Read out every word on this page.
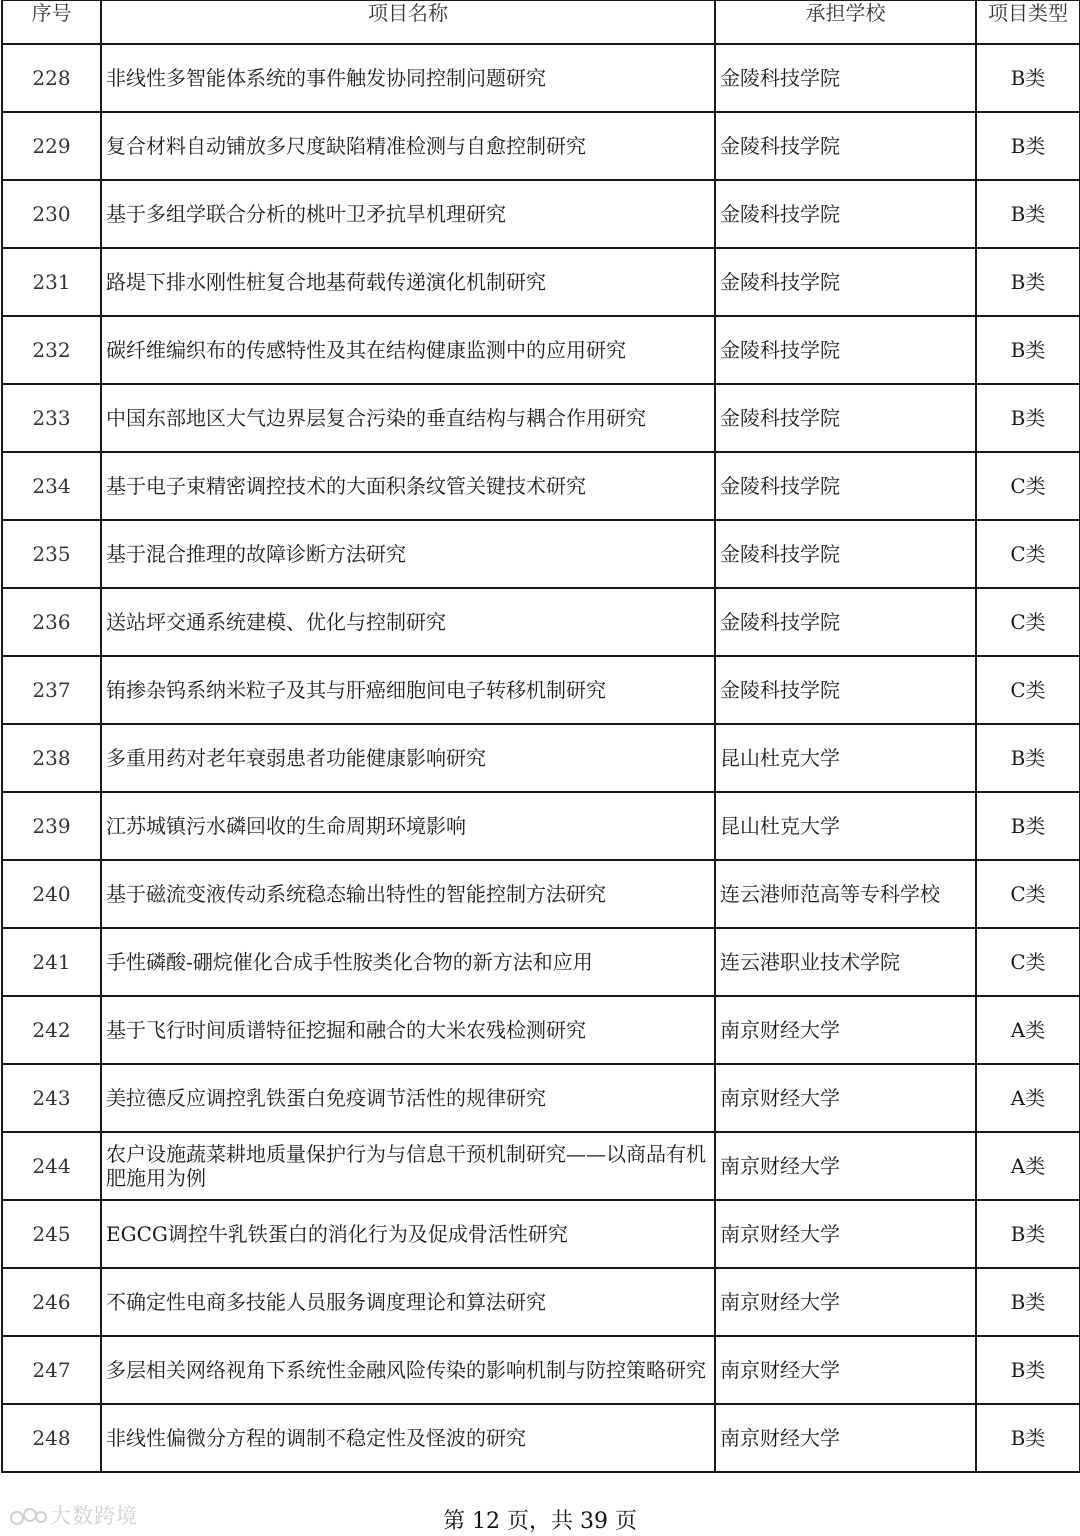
序号	项目名称	承担学校	项目类型
228	非线性多智能体系统的事件触发协同控制问题研究	金陵科技学院	B类
229	复合材料自动铺放多尺度缺陷精准检测与自愈控制研究	金陵科技学院	B类
230	基于多组学联合分析的桃叶卫矛抗旱机理研究	金陵科技学院	B类
231	路堤下排水刚性桩复合地基荷载传递演化机制研究	金陵科技学院	B类
232	碳纤维编织布的传感特性及其在结构健康监测中的应用研究	金陵科技学院	B类
233	中国东部地区大气边界层复合污染的垂直结构与耦合作用研究	金陵科技学院	B类
234	基于电子束精密调控技术的大面积条纹管关键技术研究	金陵科技学院	C类
235	基于混合推理的故障诊断方法研究	金陵科技学院	C类
236	送站坪交通系统建模、优化与控制研究	金陵科技学院	C类
237	铕掺杂钨系纳米粒子及其与肝癌细胞间电子转移机制研究	金陵科技学院	C类
238	多重用药对老年衰弱患者功能健康影响研究	昆山杜克大学	B类
239	江苏城镇污水磷回收的生命周期环境影响	昆山杜克大学	B类
240	基于磁流变液传动系统稳态输出特性的智能控制方法研究	连云港师范高等专科学校	C类
241	手性磷酸-硼烷催化合成手性胺类化合物的新方法和应用	连云港职业技术学院	C类
242	基于飞行时间质谱特征挖掘和融合的大米农残检测研究	南京财经大学	A类
243	美拉德反应调控乳铁蛋白免疫调节活性的规律研究	南京财经大学	A类
244	农户设施蔬菜耕地质量保护行为与信息干预机制研究——以商品有机肥施用为例	南京财经大学	A类
245	EGCG调控牛乳铁蛋白的消化行为及促成骨活性研究	南京财经大学	B类
246	不确定性电商多技能人员服务调度理论和算法研究	南京财经大学	B类
247	多层相关网络视角下系统性金融风险传染的影响机制与防控策略研究	南京财经大学	B类
248	非线性偏微分方程的调制不稳定性及怪波的研究	南京财经大学	B类
大数跨境	第 12 页，共 39 页
